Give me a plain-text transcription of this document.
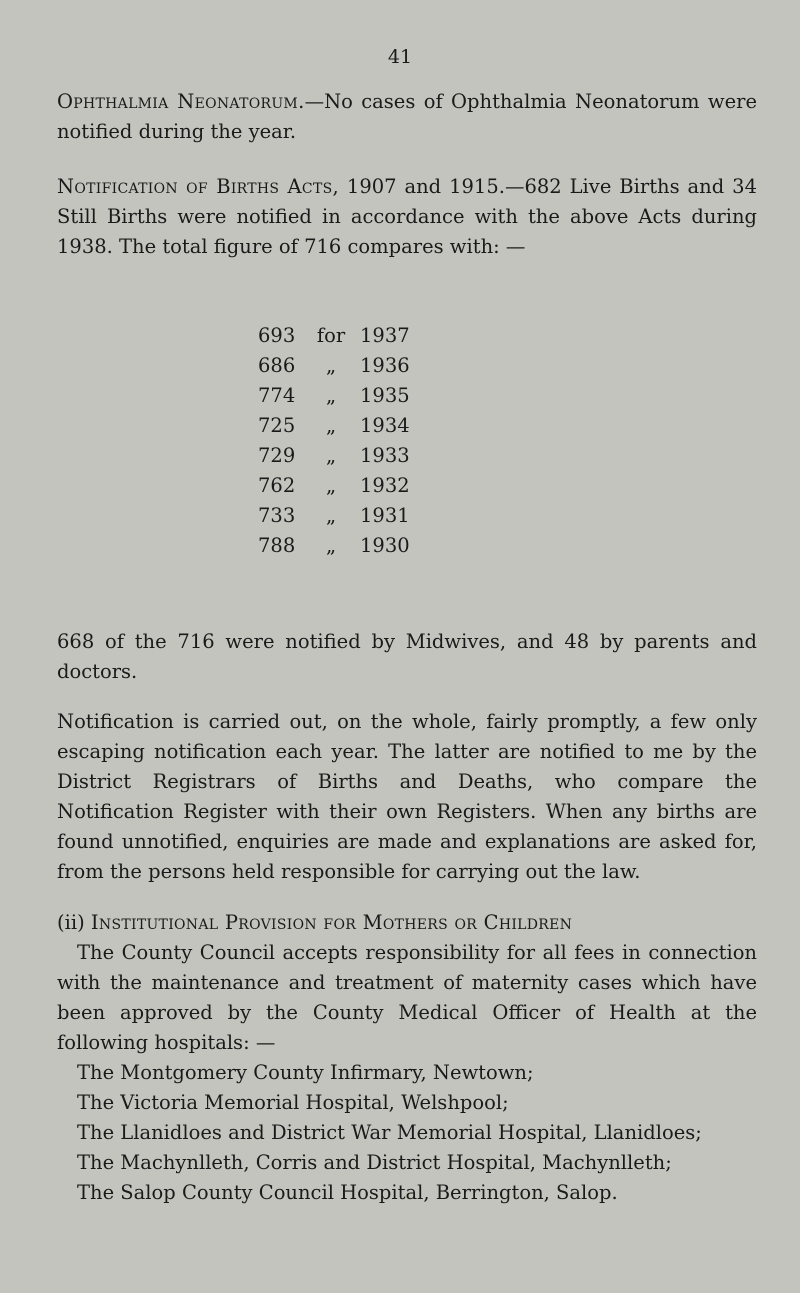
41
Ophthalmia Neonatorum.—No cases of Ophthalmia Neonatorum were notified during the year.
Notification of Births Acts, 1907 and 1915.—682 Live Births and 34 Still Births were notified in accordance with the above Acts during 1938. The total figure of 716 compares with: —
693	for 1937
686	„	1936
774	„	1935
725	„	1934
729	„	1933
762	„	1932
733	„	1931
788	„	1930
668 of the 716 were notified by Midwives, and 48 by parents and doctors.
Notification is carried out, on the whole, fairly promptly, a few only escaping notification each year. The latter are notified to me by the District Registrars of Births and Deaths, who compare the Notification Register with their own Registers. When any births are found unnotified, enquiries are made and explanations are asked for, from the persons held responsible for carrying out the law.
(ii) Institutional Provision for Mothers or Children
The County Council accepts responsibility for all fees in connection with the maintenance and treatment of maternity cases which have been approved by the County Medical Officer of Health at the following hospitals: —
The Montgomery County Infirmary, Newtown;
The Victoria Memorial Hospital, Welshpool;
The Llanidloes and District War Memorial Hospital, Llanidloes;
The Machynlleth, Corris and District Hospital, Machynlleth;
The Salop County Council Hospital, Berrington, Salop.
